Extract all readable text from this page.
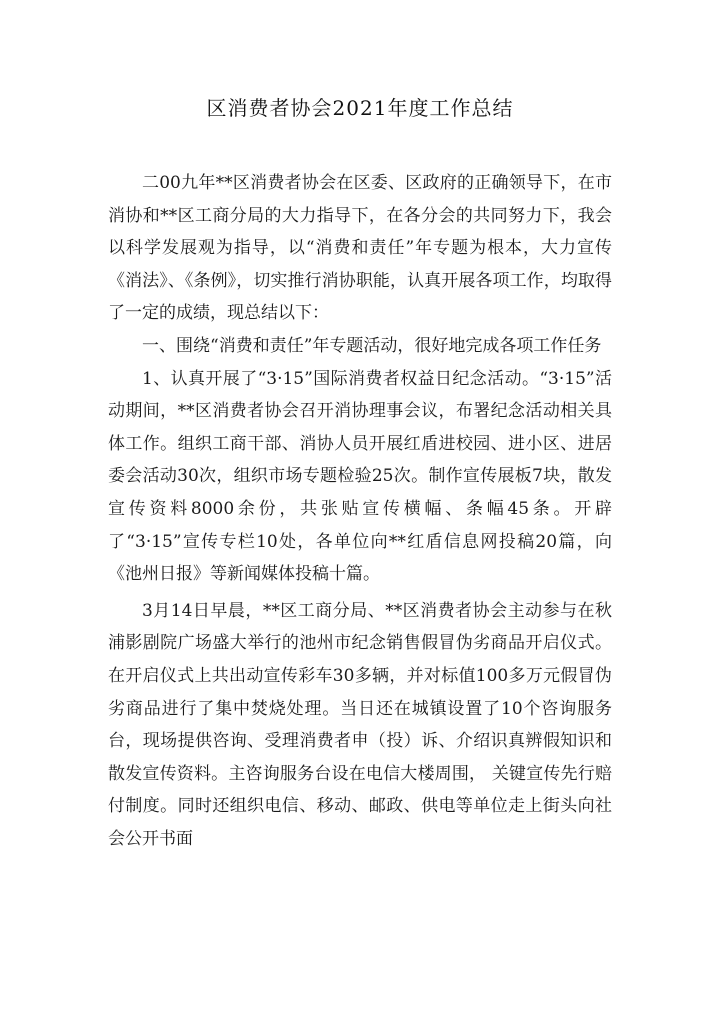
区消费者协会2021年度工作总结

二00九年**区消费者协会在区委、区政府的正确领导下，在市消协和**区工商分局的大力指导下，在各分会的共同努力下，我会以科学发展观为指导，以“消费和责任”年专题为根本，大力宣传《消法》、《条例》，切实推行消协职能，认真开展各项工作，均取得了一定的成绩，现总结以下：

一、围绕“消费和责任”年专题活动，很好地完成各项工作任务

1、认真开展了“3·15”国际消费者权益日纪念活动。“3·15”活动期间，**区消费者协会召开消协理事会议，布署纪念活动相关具体工作。组织工商干部、消协人员开展红盾进校园、进小区、进居委会活动30次，组织市场专题检验25次。制作宣传展板7块，散发宣传资料8000余份，共张贴宣传横幅、条幅45条。开辟了“3·15”宣传专栏10处，各单位向**红盾信息网投稿20篇，向《池州日报》等新闻媒体投稿十篇。

3月14日早晨，**区工商分局、**区消费者协会主动参与在秋浦影剧院广场盛大举行的池州市纪念销售假冒伪劣商品开启仪式。在开启仪式上共出动宣传彩车30多辆，并对标值100多万元假冒伪劣商品进行了集中焚烧处理。当日还在城镇设置了10个咨询服务台，现场提供咨询、受理消费者申（投）诉、介绍识真辨假知识和散发宣传资料。主咨询服务台设在电信大楼周围， 关键宣传先行赔付制度。同时还组织电信、移动、邮政、供电等单位走上街头向社会公开书面
